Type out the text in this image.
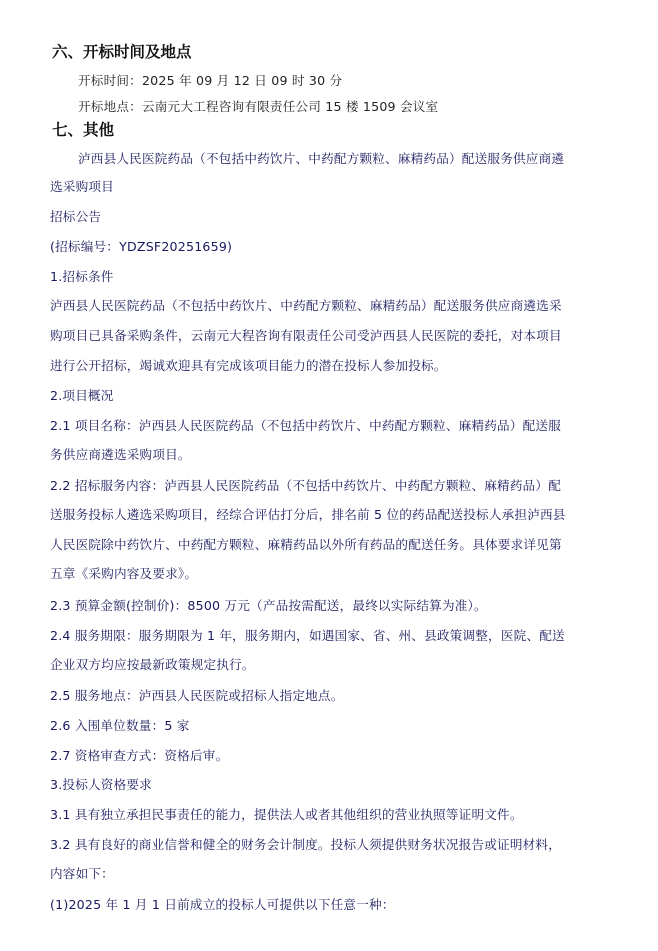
六、开标时间及地点
开标时间：2025 年 09 月 12 日 09 时 30 分
开标地点：云南元大工程咨询有限责任公司 15 楼 1509 会议室
七、其他
泸西县人民医院药品（不包括中药饮片、中药配方颗粒、麻精药品）配送服务供应商遴
选采购项目
招标公告
(招标编号：YDZSF20251659)
1.招标条件
泸西县人民医院药品（不包括中药饮片、中药配方颗粒、麻精药品）配送服务供应商遴选采
购项目已具备采购条件，云南元大程咨询有限责任公司受泸西县人民医院的委托，对本项目
进行公开招标，竭诚欢迎具有完成该项目能力的潜在投标人参加投标。
2.项目概况
2.1 项目名称：泸西县人民医院药品（不包括中药饮片、中药配方颗粒、麻精药品）配送服
务供应商遴选采购项目。
2.2 招标服务内容：泸西县人民医院药品（不包括中药饮片、中药配方颗粒、麻精药品）配
送服务投标人遴选采购项目，经综合评估打分后，排名前 5 位的药品配送投标人承担泸西县
人民医院除中药饮片、中药配方颗粒、麻精药品以外所有药品的配送任务。具体要求详见第
五章《采购内容及要求》。
2.3 预算金额(控制价)：8500 万元（产品按需配送，最终以实际结算为准）。
2.4 服务期限：服务期限为 1 年，服务期内，如遇国家、省、州、县政策调整，医院、配送
企业双方均应按最新政策规定执行。
2.5 服务地点：泸西县人民医院或招标人指定地点。
2.6 入围单位数量：5 家
2.7 资格审查方式：资格后审。
3.投标人资格要求
3.1 具有独立承担民事责任的能力，提供法人或者其他组织的营业执照等证明文件。
3.2 具有良好的商业信誉和健全的财务会计制度。投标人须提供财务状况报告或证明材料，
内容如下：
(1)2025 年 1 月 1 日前成立的投标人可提供以下任意一种：
